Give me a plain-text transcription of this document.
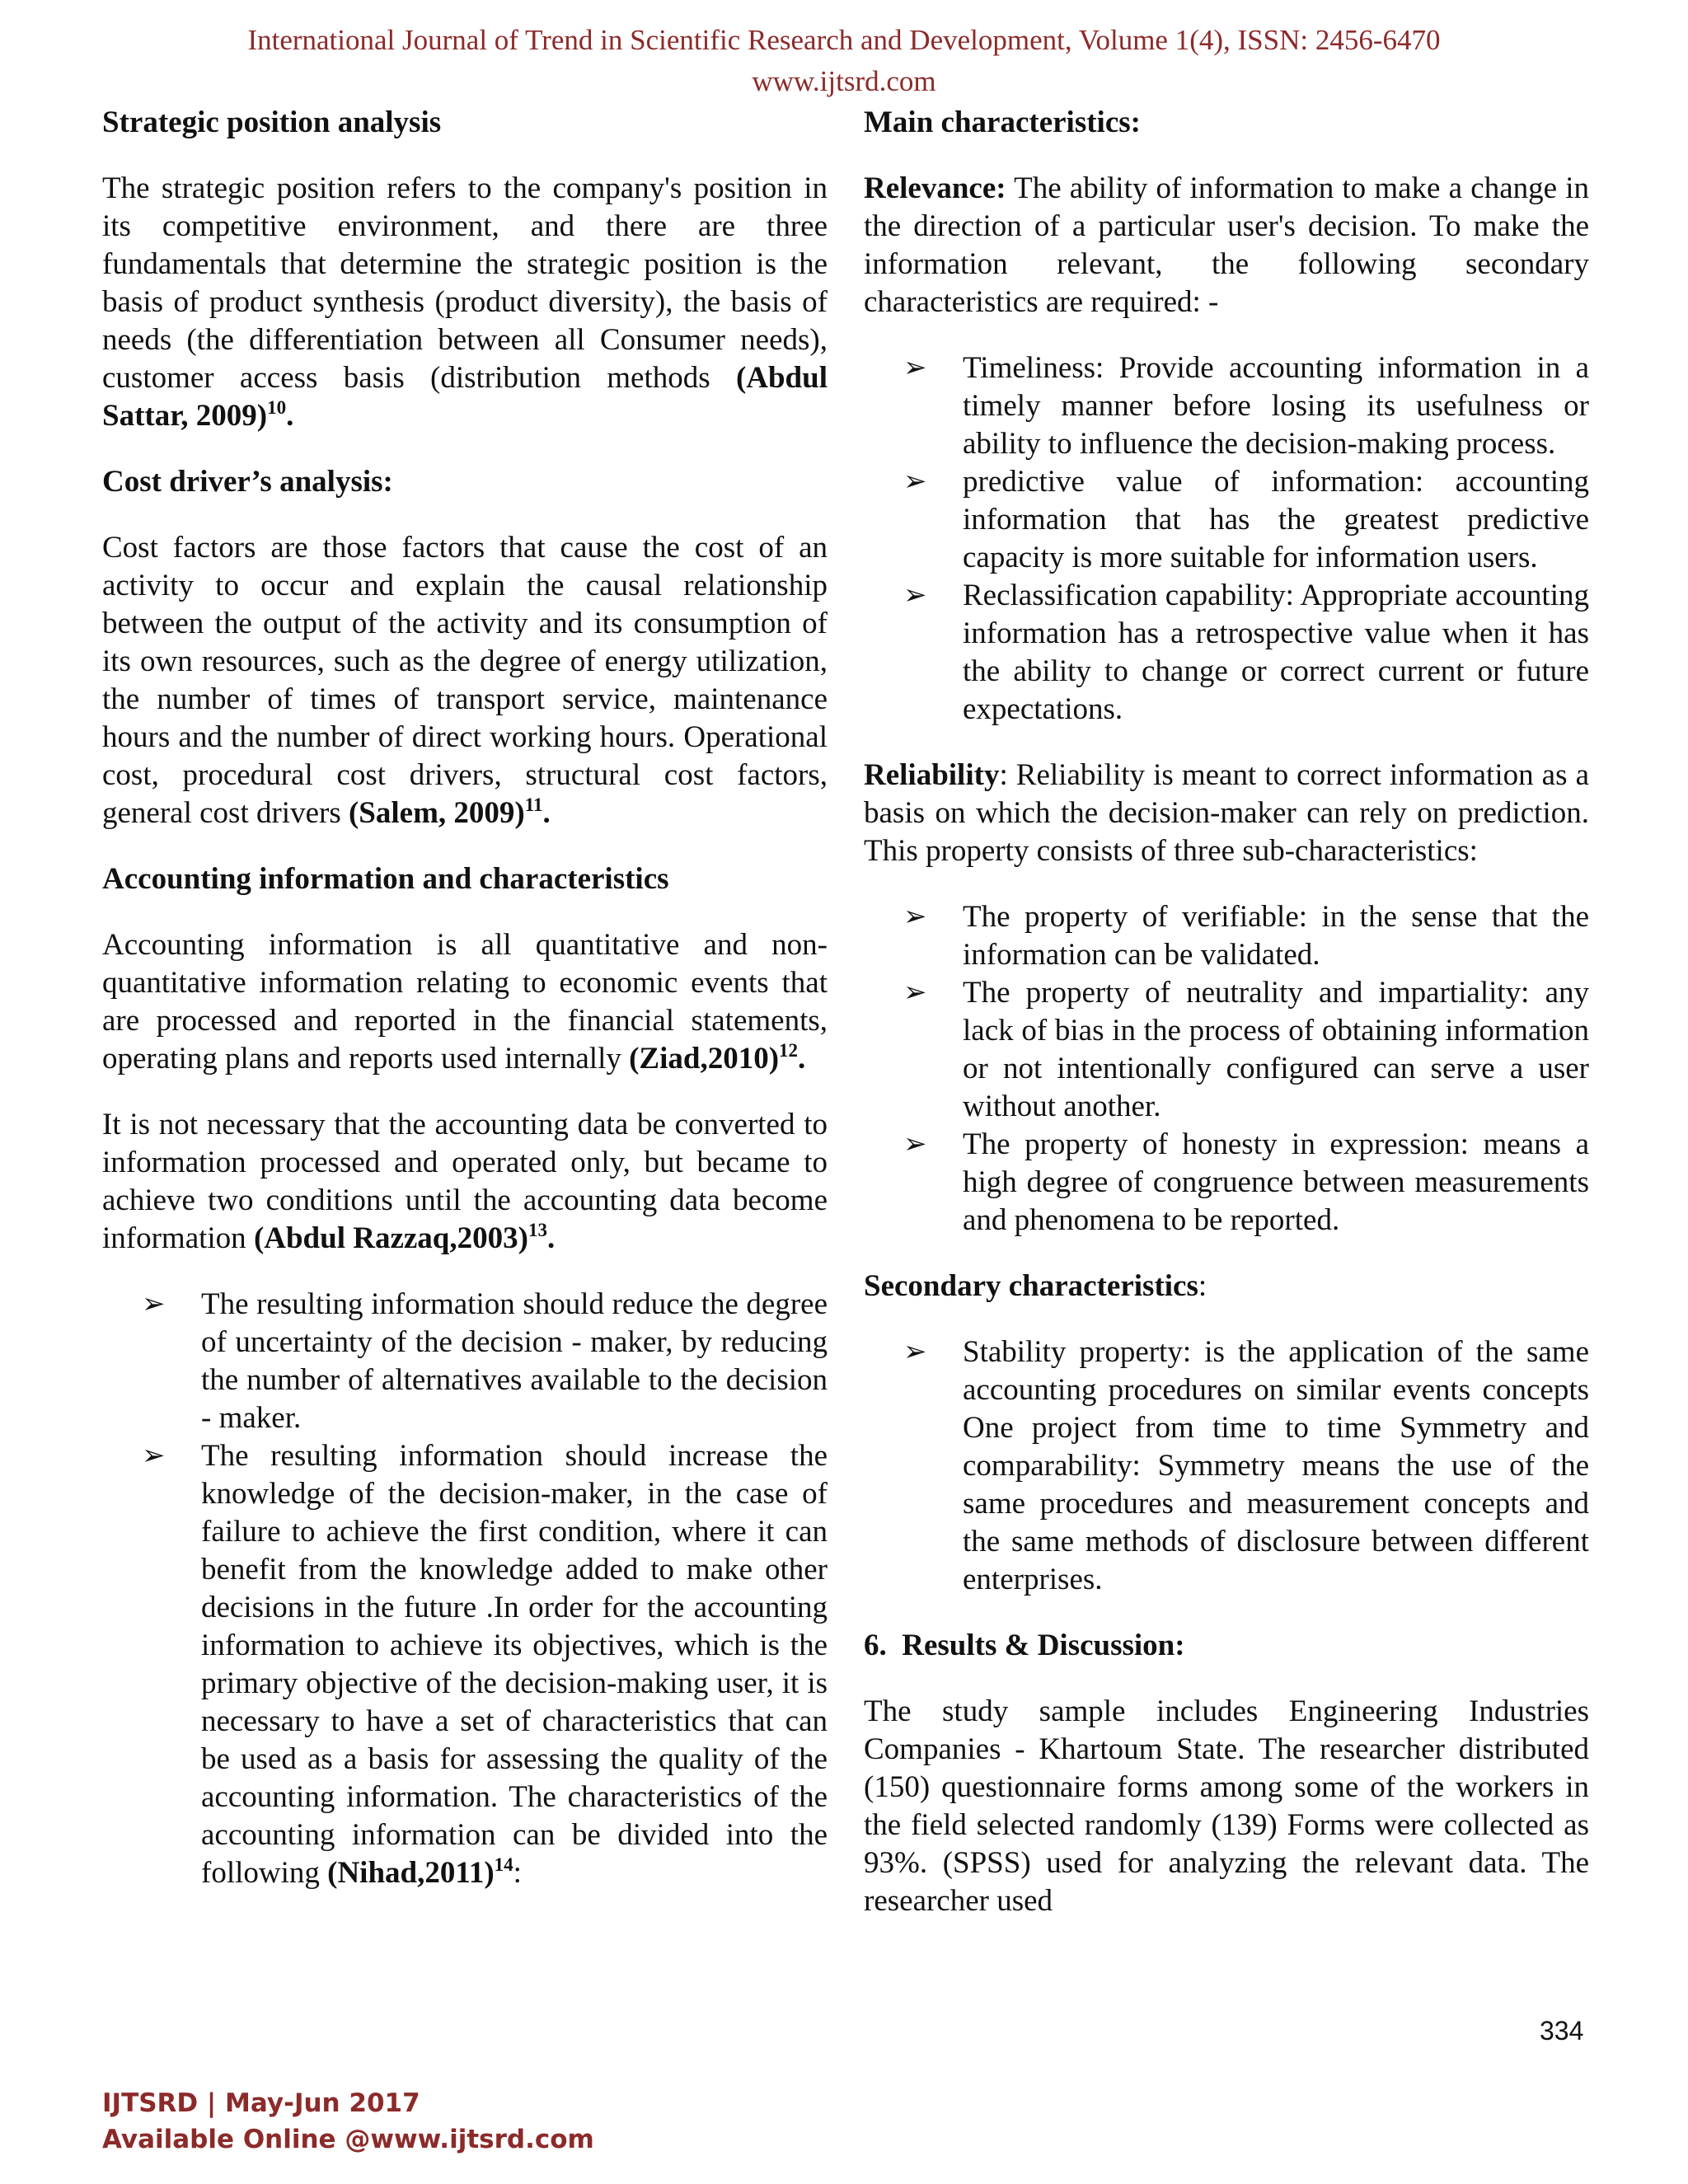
International Journal of Trend in Scientific Research and Development, Volume 1(4), ISSN: 2456-6470
www.ijtsrd.com
Strategic position analysis

The strategic position refers to the company's position in its competitive environment, and there are three fundamentals that determine the strategic position is the basis of product synthesis (product diversity), the basis of needs (the differentiation between all Consumer needs), customer access basis (distribution methods (Abdul Sattar, 2009)$^{10}$.

Cost driver’s analysis:

Cost factors are those factors that cause the cost of an activity to occur and explain the causal relationship between the output of the activity and its consumption of its own resources, such as the degree of energy utilization, the number of times of transport service, maintenance hours and the number of direct working hours. Operational cost, procedural cost drivers, structural cost factors, general cost drivers (Salem, 2009)$^{11}$.

Accounting information and characteristics

Accounting information is all quantitative and non-quantitative information relating to economic events that are processed and reported in the financial statements, operating plans and reports used internally (Ziad,2010)$^{12}$.

It is not necessary that the accounting data be converted to information processed and operated only, but became to achieve two conditions until the accounting data become information (Abdul Razzaq,2003)$^{13}$.

➢ The resulting information should reduce the degree of uncertainty of the decision - maker, by reducing the number of alternatives available to the decision - maker.
➢ The resulting information should increase the knowledge of the decision-maker, in the case of failure to achieve the first condition, where it can benefit from the knowledge added to make other decisions in the future .In order for the accounting information to achieve its objectives, which is the primary objective of the decision-making user, it is necessary to have a set of characteristics that can be used as a basis for assessing the quality of the accounting information. The characteristics of the accounting information can be divided into the following (Nihad,2011)$^{14}$:
Main characteristics:

Relevance: The ability of information to make a change in the direction of a particular user's decision. To make the information relevant, the following secondary characteristics are required: -

➢ Timeliness: Provide accounting information in a timely manner before losing its usefulness or ability to influence the decision-making process.
➢ predictive value of information: accounting information that has the greatest predictive capacity is more suitable for information users.
➢ Reclassification capability: Appropriate accounting information has a retrospective value when it has the ability to change or correct current or future expectations.

Reliability: Reliability is meant to correct information as a basis on which the decision-maker can rely on prediction. This property consists of three sub-characteristics:

➢ The property of verifiable: in the sense that the information can be validated.
➢ The property of neutrality and impartiality: any lack of bias in the process of obtaining information or not intentionally configured can serve a user without another.
➢ The property of honesty in expression: means a high degree of congruence between measurements and phenomena to be reported.

Secondary characteristics:

➢ Stability property: is the application of the same accounting procedures on similar events concepts One project from time to time Symmetry and comparability: Symmetry means the use of the same procedures and measurement concepts and the same methods of disclosure between different enterprises.
6.  Results & Discussion:

The study sample includes Engineering Industries Companies - Khartoum State. The researcher distributed (150) questionnaire forms among some of the workers in the field selected randomly (139) Forms were collected as 93%. (SPSS) used for analyzing the relevant data. The researcher used

334
IJTSRD | May-Jun 2017
Available Online @www.ijtsrd.com
